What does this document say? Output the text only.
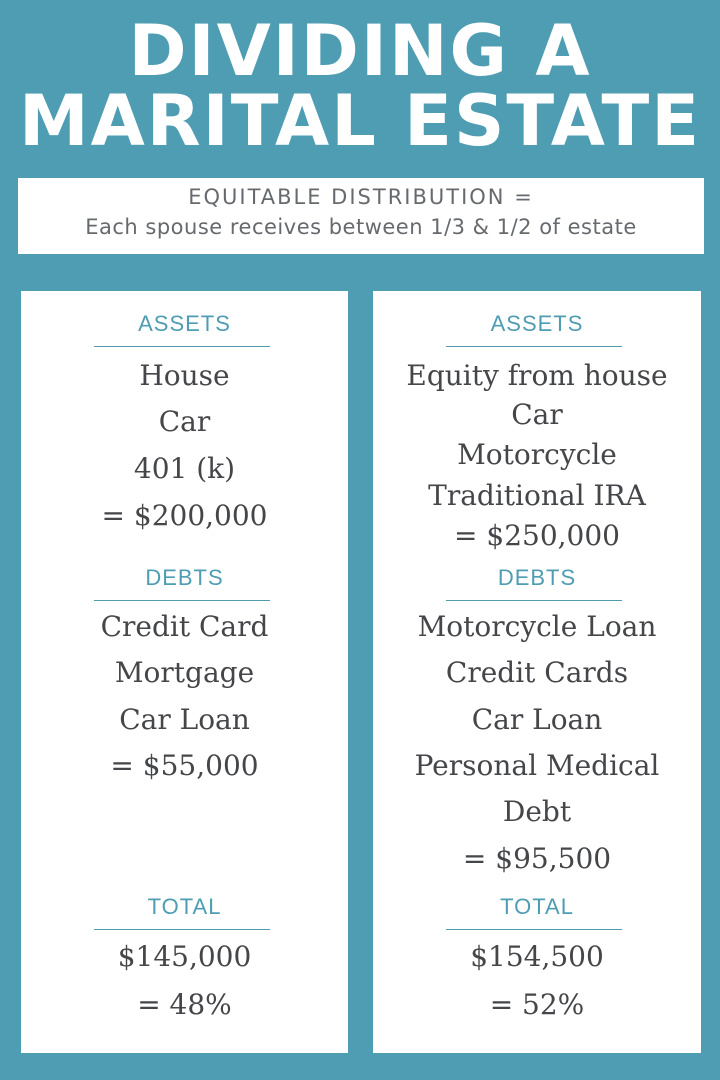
DIVIDING A
MARITAL ESTATE
EQUITABLE DISTRIBUTION =
Each spouse receives between 1/3 & 1/2 of estate
ASSETS
House
Car
401 (k)
= $200,000
DEBTS
Credit Card
Mortgage
Car Loan
= $55,000
TOTAL
$145,000
= 48%
ASSETS
Equity from house
Car
Motorcycle
Traditional IRA
= $250,000
DEBTS
Motorcycle Loan
Credit Cards
Car Loan
Personal Medical
Debt
= $95,500
TOTAL
$154,500
= 52%
